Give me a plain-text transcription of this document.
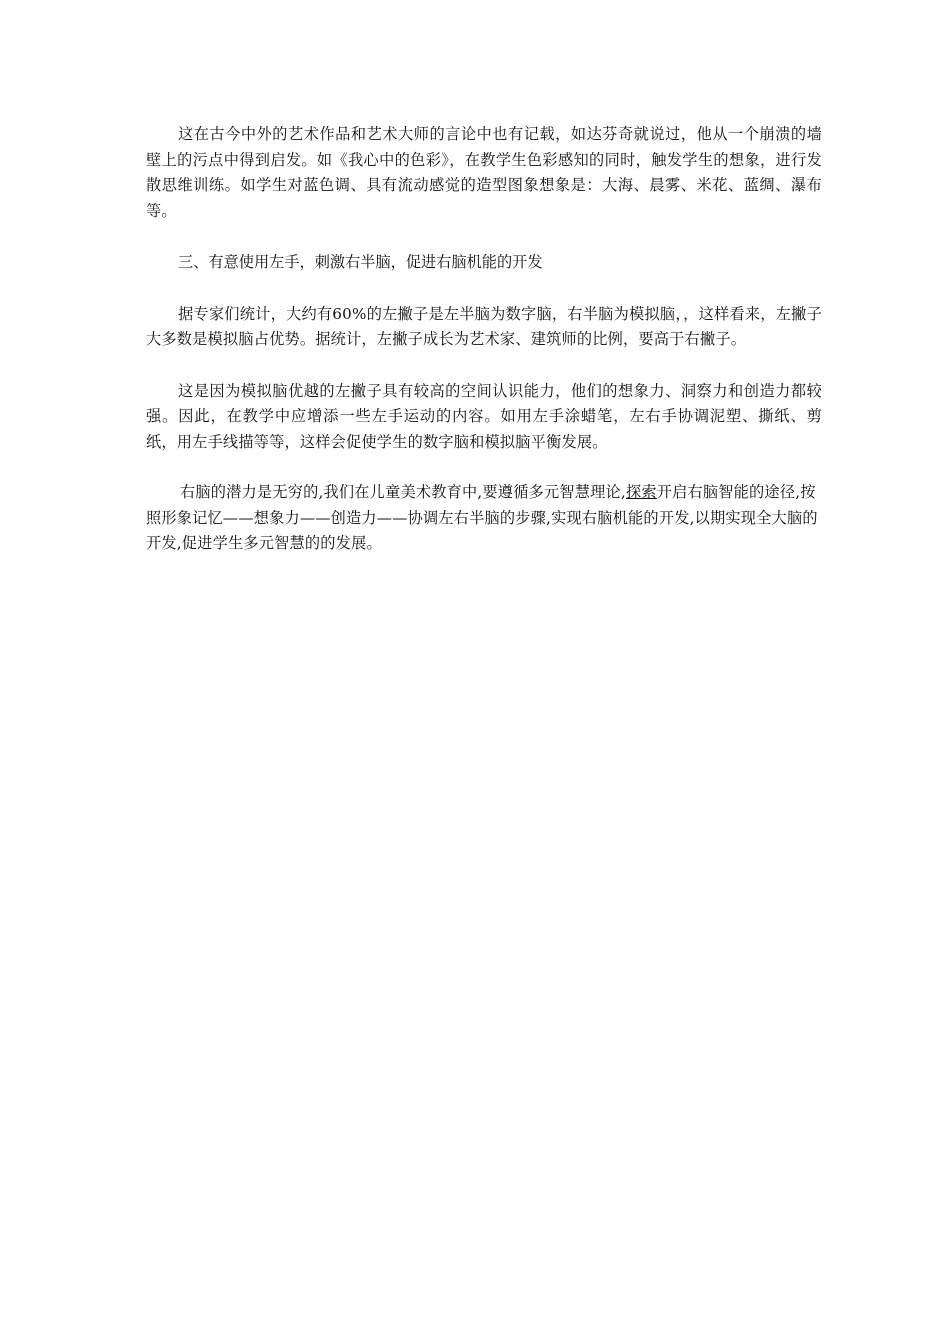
这在古今中外的艺术作品和艺术大师的言论中也有记载，如达芬奇就说过，他从一个崩溃的墙壁上的污点中得到启发。如《我心中的色彩》，在教学生色彩感知的同时，触发学生的想象，进行发散思维训练。如学生对蓝色调、具有流动感觉的造型图象想象是：大海、晨雾、米花、蓝绸、瀑布等。

三、有意使用左手，刺激右半脑，促进右脑机能的开发

据专家们统计，大约有60%的左撇子是左半脑为数字脑，右半脑为模拟脑，，这样看来，左撇子大多数是模拟脑占优势。据统计，左撇子成长为艺术家、建筑师的比例，要高于右撇子。

这是因为模拟脑优越的左撇子具有较高的空间认识能力，他们的想象力、洞察力和创造力都较强。因此，在教学中应增添一些左手运动的内容。如用左手涂蜡笔，左右手协调泥塑、撕纸、剪纸，用左手线描等等，这样会促使学生的数字脑和模拟脑平衡发展。

右脑的潜力是无穷的,我们在儿童美术教育中,要遵循多元智慧理论,探索开启右脑智能的途径,按照形象记忆——想象力——创造力——协调左右半脑的步骤,实现右脑机能的开发,以期实现全大脑的开发,促进学生多元智慧的的发展。
